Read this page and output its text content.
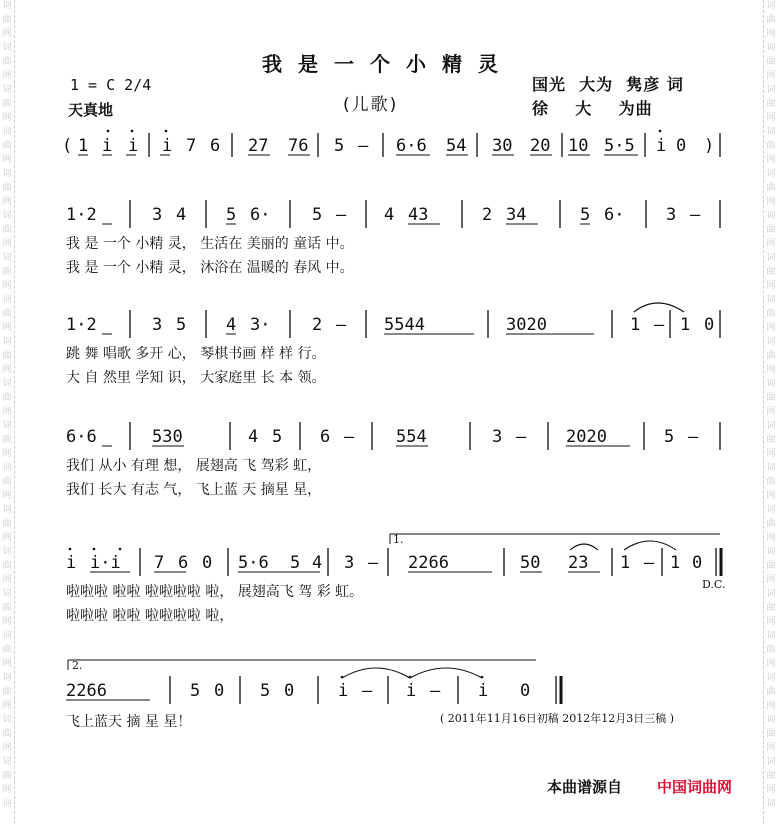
词
曲
网
词
曲
网
词
曲
网
词
曲
网
词
曲
网
词
曲
网
词
曲
网
词
曲
网
词
曲
网
词
曲
网
词
曲
网
词
曲
网
词
曲
网
词
曲
网
词
曲
网
词
曲
网
词
曲
网
词
曲
网
词
曲
网
词
词
曲
网
词
曲
网
词
曲
网
词
曲
网
词
曲
网
词
曲
网
词
曲
网
词
曲
网
词
曲
网
词
曲
网
词
曲
网
词
曲
网
词
曲
网
词
曲
网
词
曲
网
词
曲
网
词
曲
网
词
曲
网
词
曲
网
词
我是一个小精灵
(儿歌)
1 = C 2/4
天真地
国光  大为  隽彦 词
徐    大    为曲
( 1 i i i 7 6 27 76 5 – 6·6 54 30 20 10 5·5 i 0 )
1·2	3 4 5 6· 5 – 4 43	2 34	5 6· 3 –
我 是 一个 小精 灵， 生活在 美丽的 童话 中。
我 是 一个 小精 灵， 沐浴在 温暖的 春风 中。
1·2	3 5 4 3· 2 – 5544	3020	1 – 1 0
跳 舞 唱歌 多开 心， 琴棋书画 样 样 行。
大 自 然里 学知 识， 大家庭里 长 本 领。
6·6	530	4 5 6 – 554	3 – 2020	5 –
我们 从小 有理 想， 展翅高 飞 驾彩 虹，
我们 长大 有志 气， 飞上蓝 天 摘星 星，
1.
i i·i 7 6 0 5·6 5 4 3 – 2266	50 23 1 – 1 0
D.C.
啦啦啦 啦啦 啦啦啦啦 啦， 展翅高飞 驾 彩 虹。
啦啦啦 啦啦 啦啦啦啦 啦，
2.
2266	5 0 5 0	i – i – i 0
飞上蓝天 摘 星 星！	( 2011年11月16日初稿 2012年12月3日三稿 )
本曲谱源自 中国词曲网
